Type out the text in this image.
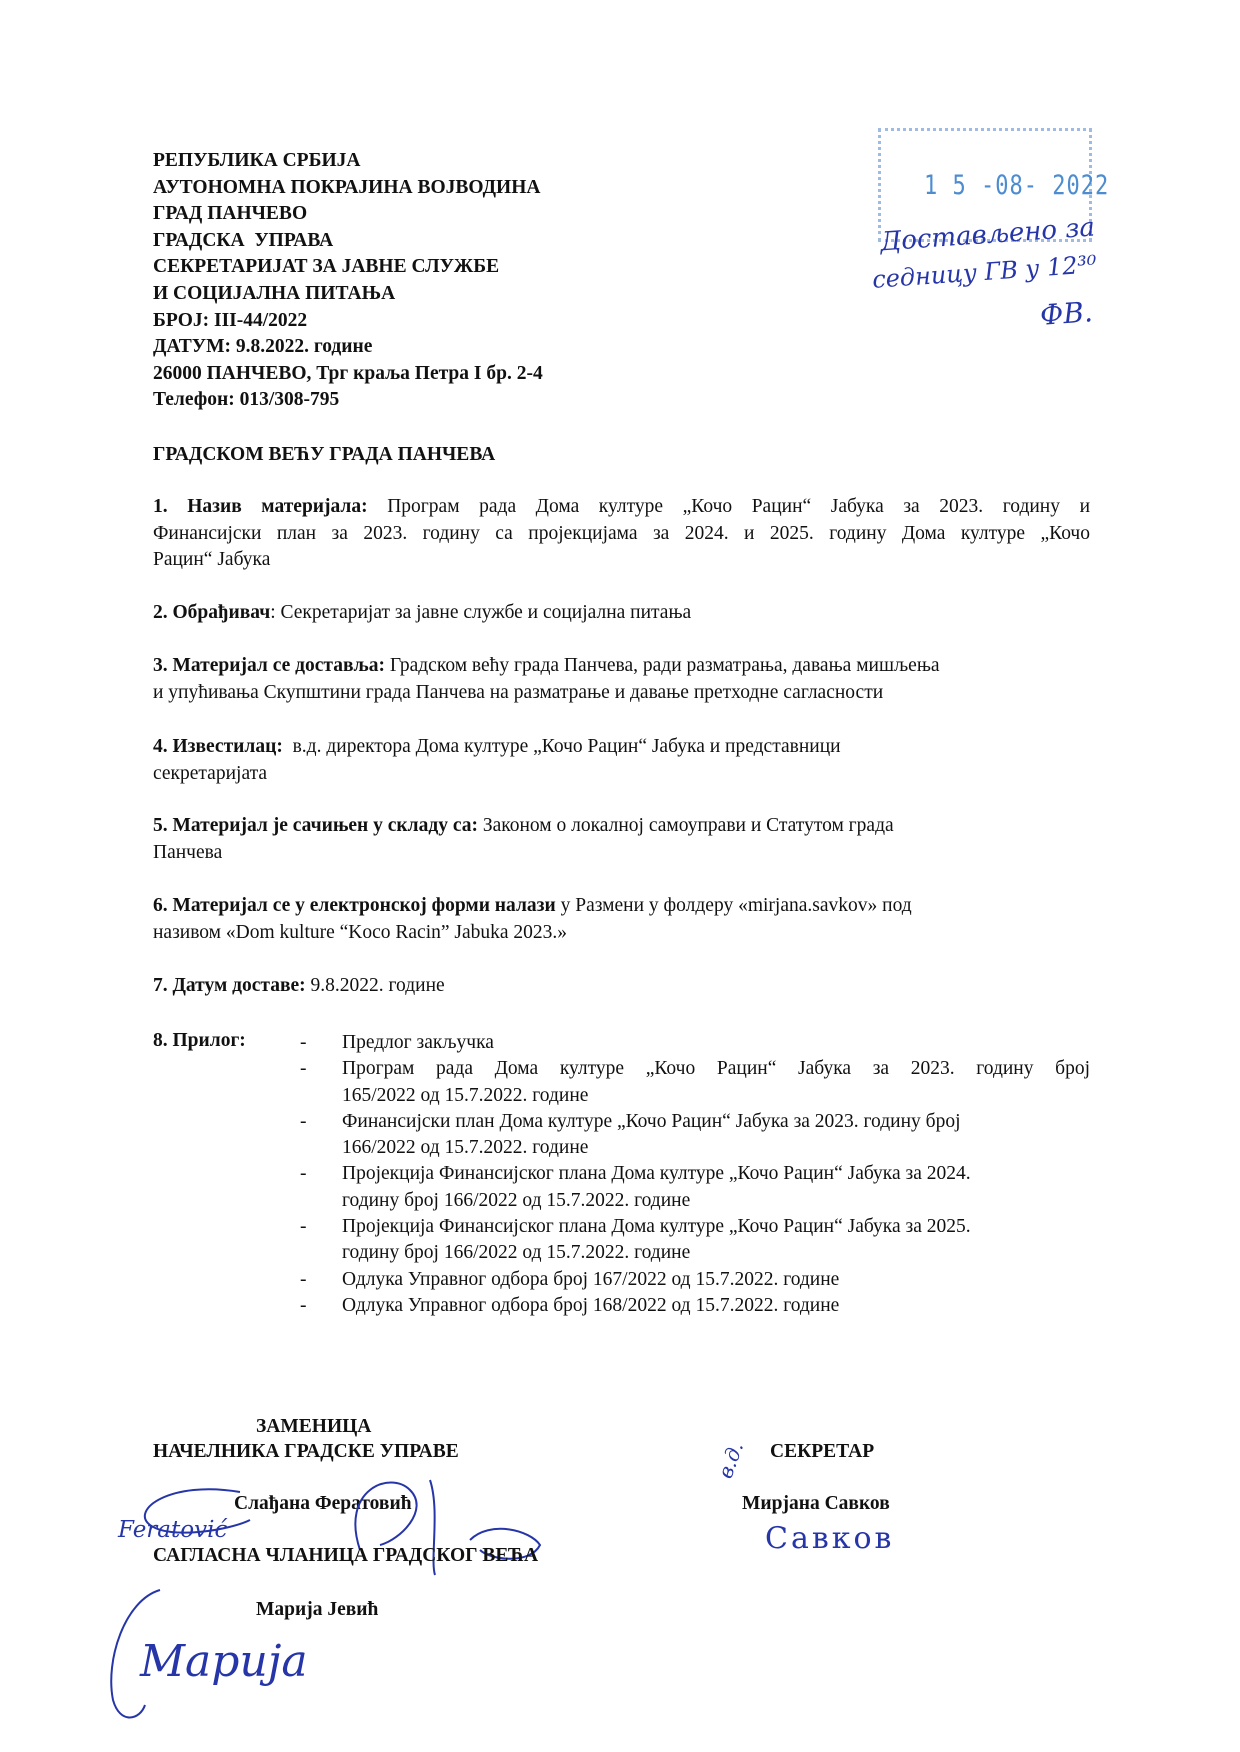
РЕПУБЛИКА СРБИЈА
АУТОНОМНА ПОКРАЈИНА ВОЈВОДИНА
ГРАД ПАНЧЕВО
ГРАДСКА  УПРАВА
СЕКРЕТАРИЈАТ ЗА ЈАВНЕ СЛУЖБЕ
И СОЦИЈАЛНА ПИТАЊА
БРОЈ: III-44/2022
ДАТУМ: 9.8.2022. године
26000 ПАНЧЕВО, Трг краља Петра I бр. 2-4
Телефон: 013/308-795
1 5 -08- 2022
Достављено за
седницу ГВ у 12³⁰
ФВ.
ГРАДСКОМ ВЕЋУ ГРАДА ПАНЧЕВА
1. Назив материјала: Програм рада Дома културе „Кочо Рацин“ Јабука за 2023. годину и
Финансијски план за 2023. годину са пројекцијама за 2024. и 2025. годину Дома културе „Кочо
Рацин“ Јабука
2. Обрађивач: Секретаријат за јавне службе и социјална питања
3. Материјал се доставља: Градском већу града Панчева, ради разматрања, давања мишљења
и упућивања Скупштини града Панчева на разматрање и давање претходне сагласности
4. Известилац:  в.д. директора Дома културе „Кочо Рацин“ Јабука и представници
секретаријата
5. Материјал је сачињен у складу са: Законом о локалној самоуправи и Статутом града
Панчева
6. Материјал се у електронској форми налази у Размени у фолдеру «mirjana.savkov» под
називом «Dom kulture “Koco Racin” Jabuka 2023.»
7. Датум доставе: 9.8.2022. године
8. Прилог:	- Предлог закључка
- Програм рада Дома културе „Кочо Рацин“ Јабука за 2023. годину број
165/2022 од 15.7.2022. године
- Финансијски план Дома културе „Кочо Рацин“ Јабука за 2023. годину број
166/2022 од 15.7.2022. године
- Пројекција Финансијског плана Дома културе „Кочо Рацин“ Јабука за 2024.
годину број 166/2022 од 15.7.2022. године
- Пројекција Финансијског плана Дома културе „Кочо Рацин“ Јабука за 2025.
годину број 166/2022 од 15.7.2022. године
- Одлука Управног одбора број 167/2022 од 15.7.2022. године
- Одлука Управног одбора број 168/2022 од 15.7.2022. године
ЗАМЕНИЦА
НАЧЕЛНИКА ГРАДСКЕ УПРАВЕ
Слађана Фератовић
Feratović
САГЛАСНА ЧЛАНИЦА ГРАДСКОГ ВЕЋА
Марија Јевић
Марија
в.д. СЕКРЕТАР
Мирјана Савков
Савков
